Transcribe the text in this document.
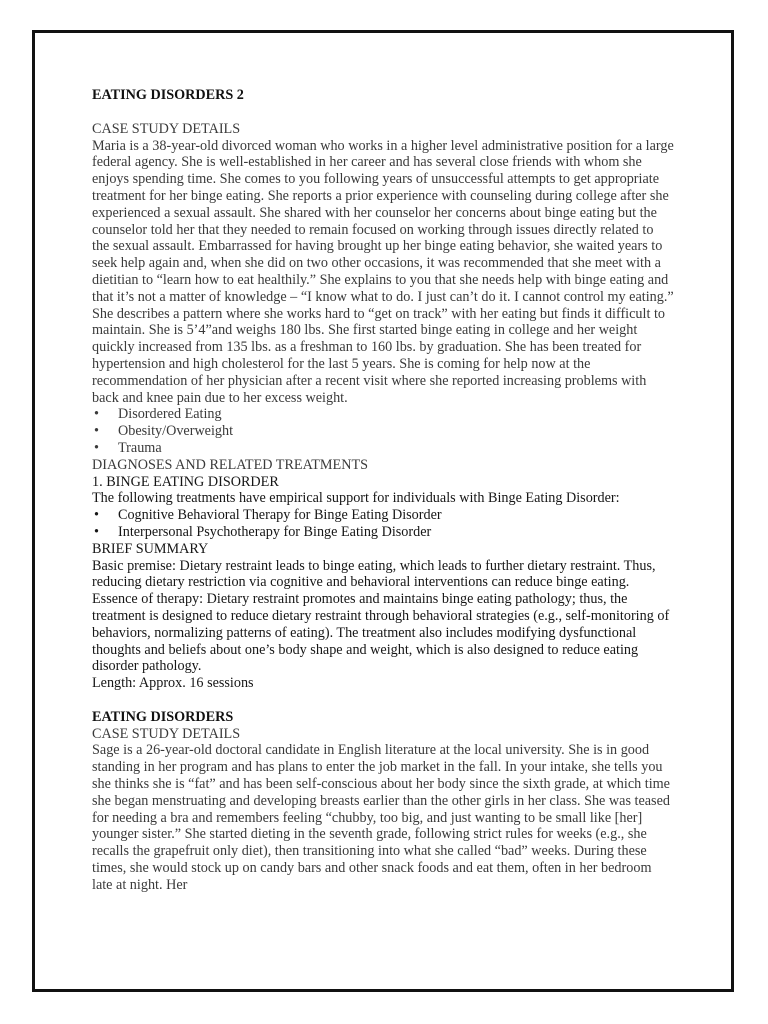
EATING DISORDERS 2

CASE STUDY DETAILS

Maria is a 38-year-old divorced woman who works in a higher level administrative position for a large federal agency. She is well-established in her career and has several close friends with whom she enjoys spending time. She comes to you following years of unsuccessful attempts to get appropriate treatment for her binge eating. She reports a prior experience with counseling during college after she experienced a sexual assault. She shared with her counselor her concerns about binge eating but the counselor told her that they needed to remain focused on working through issues directly related to the sexual assault. Embarrassed for having brought up her binge eating behavior, she waited years to seek help again and, when she did on two other occasions, it was recommended that she meet with a dietitian to “learn how to eat healthily.” She explains to you that she needs help with binge eating and that it’s not a matter of knowledge – “I know what to do. I just can’t do it. I cannot control my eating.” She describes a pattern where she works hard to “get on track” with her eating but finds it difficult to maintain. She is 5’4”and weighs 180 lbs. She first started binge eating in college and her weight quickly increased from 135 lbs. as a freshman to 160 lbs. by graduation. She has been treated for hypertension and high cholesterol for the last 5 years. She is coming for help now at the recommendation of her physician after a recent visit where she reported increasing problems with back and knee pain due to her excess weight.

• Disordered Eating
• Obesity/Overweight
• Trauma

DIAGNOSES AND RELATED TREATMENTS

1. BINGE EATING DISORDER

The following treatments have empirical support for individuals with Binge Eating Disorder:

• Cognitive Behavioral Therapy for Binge Eating Disorder
• Interpersonal Psychotherapy for Binge Eating Disorder

BRIEF SUMMARY

Basic premise: Dietary restraint leads to binge eating, which leads to further dietary restraint. Thus, reducing dietary restriction via cognitive and behavioral interventions can reduce binge eating.

Essence of therapy: Dietary restraint promotes and maintains binge eating pathology; thus, the treatment is designed to reduce dietary restraint through behavioral strategies (e.g., self-monitoring of behaviors, normalizing patterns of eating). The treatment also includes modifying dysfunctional thoughts and beliefs about one’s body shape and weight, which is also designed to reduce eating disorder pathology.

Length: Approx. 16 sessions

EATING DISORDERS

CASE STUDY DETAILS

Sage is a 26-year-old doctoral candidate in English literature at the local university. She is in good standing in her program and has plans to enter the job market in the fall. In your intake, she tells you she thinks she is “fat” and has been self-conscious about her body since the sixth grade, at which time she began menstruating and developing breasts earlier than the other girls in her class. She was teased for needing a bra and remembers feeling “chubby, too big, and just wanting to be small like [her] younger sister.” She started dieting in the seventh grade, following strict rules for weeks (e.g., she recalls the grapefruit only diet), then transitioning into what she called “bad” weeks. During these times, she would stock up on candy bars and other snack foods and eat them, often in her bedroom late at night. Her
